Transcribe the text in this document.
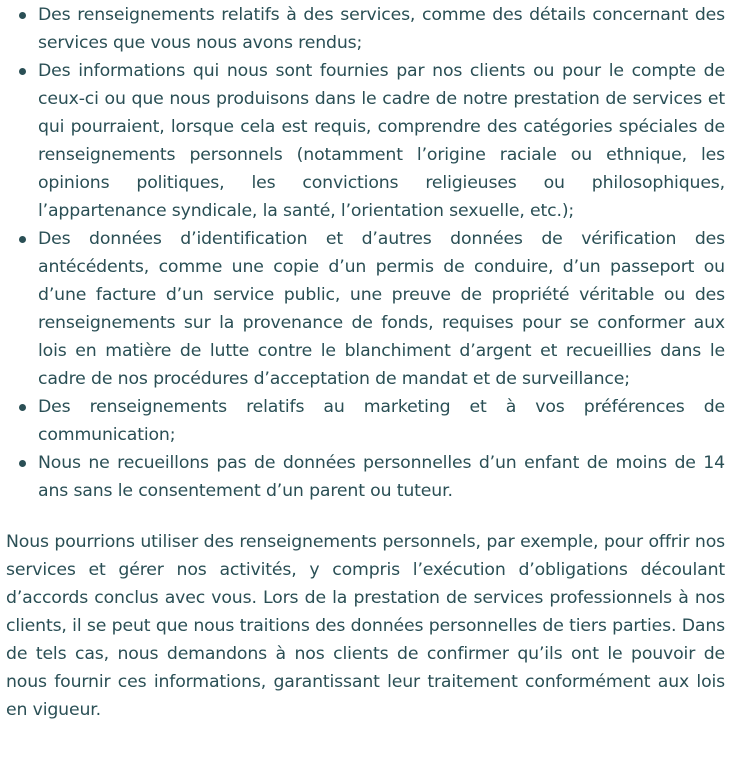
Des renseignements relatifs à des services, comme des détails concernant des services que vous nous avons rendus;
Des informations qui nous sont fournies par nos clients ou pour le compte de ceux-ci ou que nous produisons dans le cadre de notre prestation de services et qui pourraient, lorsque cela est requis, comprendre des catégories spéciales de renseignements personnels (notamment l’origine raciale ou ethnique, les opinions politiques, les convictions religieuses ou philosophiques, l’appartenance syndicale, la santé, l’orientation sexuelle, etc.);
Des données d’identification et d’autres données de vérification des antécédents, comme une copie d’un permis de conduire, d’un passeport ou d’une facture d’un service public, une preuve de propriété véritable ou des renseignements sur la provenance de fonds, requises pour se conformer aux lois en matière de lutte contre le blanchiment d’argent et recueillies dans le cadre de nos procédures d’acceptation de mandat et de surveillance;
Des renseignements relatifs au marketing et à vos préférences de communication;
Nous ne recueillons pas de données personnelles d’un enfant de moins de 14 ans sans le consentement d’un parent ou tuteur.

Nous pourrions utiliser des renseignements personnels, par exemple, pour offrir nos services et gérer nos activités, y compris l’exécution d’obligations découlant d’accords conclus avec vous. Lors de la prestation de services professionnels à nos clients, il se peut que nous traitions des données personnelles de tiers parties. Dans de tels cas, nous demandons à nos clients de confirmer qu’ils ont le pouvoir de nous fournir ces informations, garantissant leur traitement conformément aux lois en vigueur.
